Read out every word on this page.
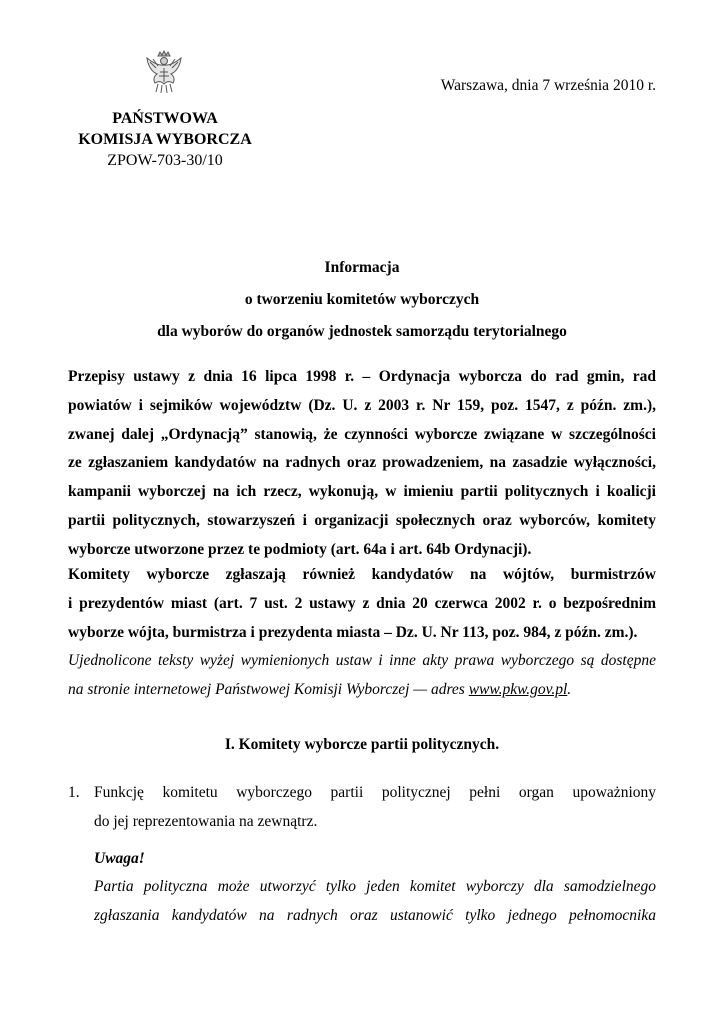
Warszawa, dnia 7 września 2010 r.
PAŃSTWOWA
KOMISJA WYBORCZA
ZPOW-703-30/10
Informacja
o tworzeniu komitetów wyborczych
dla wyborów do organów jednostek samorządu terytorialnego
Przepisy ustawy z dnia 16 lipca 1998 r. – Ordynacja wyborcza do rad gmin, rad
powiatów i sejmików województw (Dz. U. z 2003 r. Nr 159, poz. 1547, z późn. zm.),
zwanej dalej „Ordynacją” stanowią, że czynności wyborcze związane w szczególności
ze zgłaszaniem kandydatów na radnych oraz prowadzeniem, na zasadzie wyłączności,
kampanii wyborczej na ich rzecz, wykonują, w imieniu partii politycznych i koalicji
partii politycznych, stowarzyszeń i organizacji społecznych oraz wyborców, komitety
wyborcze utworzone przez te podmioty (art. 64a i art. 64b Ordynacji).
Komitety wyborcze zgłaszają również kandydatów na wójtów, burmistrzów
i prezydentów miast (art. 7 ust. 2 ustawy z dnia 20 czerwca 2002 r. o bezpośrednim
wyborze wójta, burmistrza i prezydenta miasta – Dz. U. Nr 113, poz. 984, z późn. zm.).
Ujednolicone teksty wyżej wymienionych ustaw i inne akty prawa wyborczego są dostępne
na stronie internetowej Państwowej Komisji Wyborczej — adres www.pkw.gov.pl.
I. Komitety wyborcze partii politycznych.
1. Funkcję komitetu wyborczego partii politycznej pełni organ upoważniony
do jej reprezentowania na zewnątrz.
Uwaga!
Partia polityczna może utworzyć tylko jeden komitet wyborczy dla samodzielnego
zgłaszania kandydatów na radnych oraz ustanowić tylko jednego pełnomocnika
